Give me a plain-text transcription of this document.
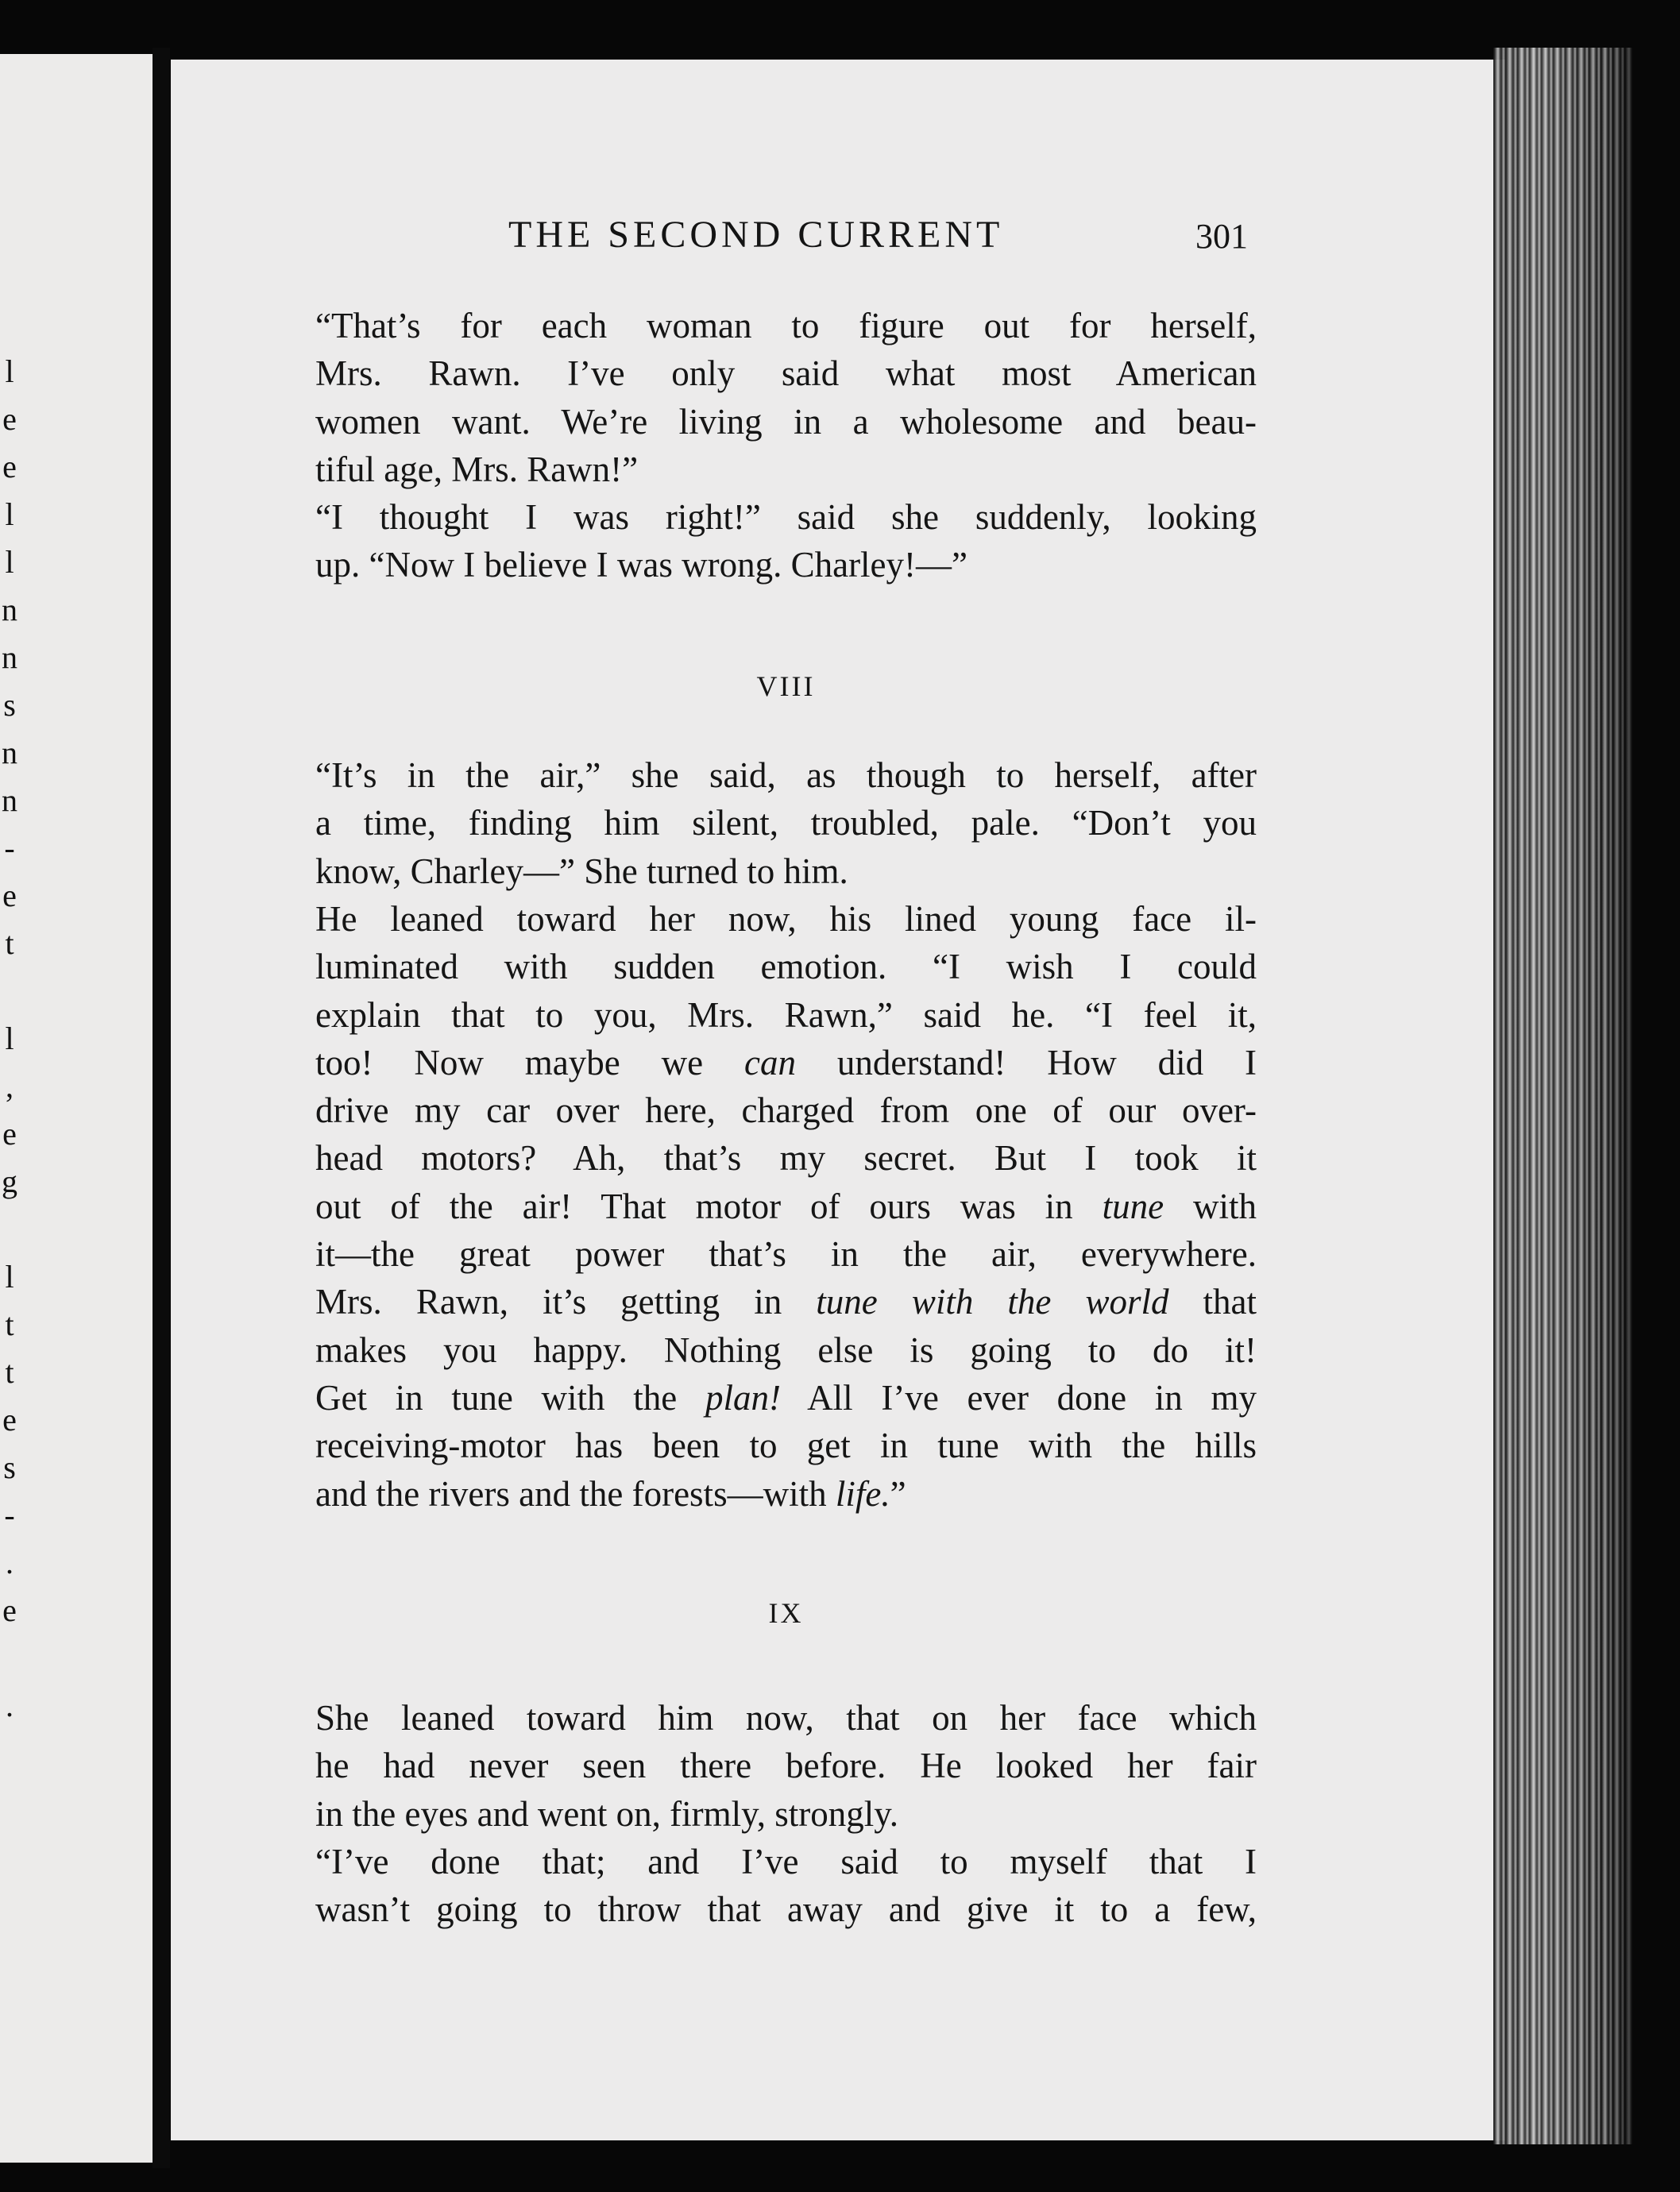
l
e
e
l
l
n
n
s
n
n
-
e
t
l
,
e
g
l
t
t
e
s
-
.
e
.
THE SECOND CURRENT	301

“That’s for each woman to figure out for herself,
Mrs. Rawn. I’ve only said what most American
women want. We’re living in a wholesome and beau-
tiful age, Mrs. Rawn!”

“I thought I was right!” said she suddenly, looking
up. “Now I believe I was wrong. Charley!—”

VIII

“It’s in the air,” she said, as though to herself, after
a time, finding him silent, troubled, pale. “Don’t you
know, Charley—” She turned to him.

He leaned toward her now, his lined young face il-
luminated with sudden emotion. “I wish I could
explain that to you, Mrs. Rawn,” said he. “I feel it,
too! Now maybe we can understand! How did I
drive my car over here, charged from one of our over-
head motors? Ah, that’s my secret. But I took it
out of the air! That motor of ours was in tune with
it—the great power that’s in the air, everywhere.
Mrs. Rawn, it’s getting in tune with the world that
makes you happy. Nothing else is going to do it!
Get in tune with the plan! All I’ve ever done in my
receiving-motor has been to get in tune with the hills
and the rivers and the forests—with life.”

IX

She leaned toward him now, that on her face which
he had never seen there before. He looked her fair
in the eyes and went on, firmly, strongly.

“I’ve done that; and I’ve said to myself that I
wasn’t going to throw that away and give it to a few,
